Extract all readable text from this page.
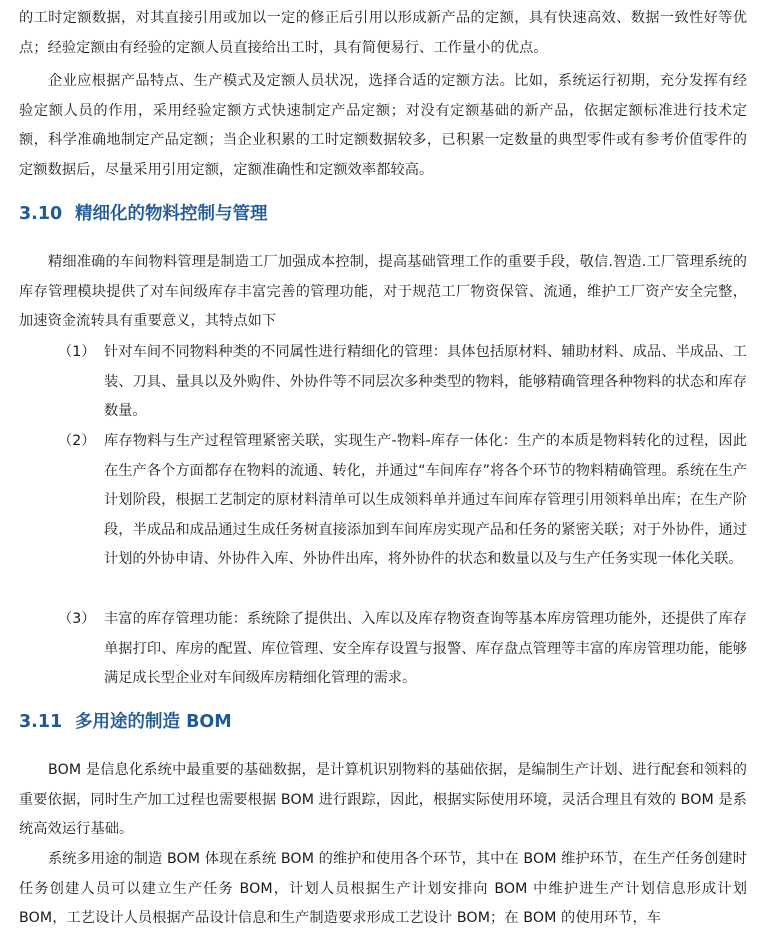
的工时定额数据，对其直接引用或加以一定的修正后引用以形成新产品的定额，具有快速高效、数据一致性好等优点；经验定额由有经验的定额人员直接给出工时，具有简便易行、工作量小的优点。

企业应根据产品特点、生产模式及定额人员状况，选择合适的定额方法。比如，系统运行初期，充分发挥有经验定额人员的作用，采用经验定额方式快速制定产品定额；对没有定额基础的新产品，依据定额标准进行技术定额，科学准确地制定产品定额；当企业积累的工时定额数据较多，已积累一定数量的典型零件或有参考价值零件的定额数据后，尽量采用引用定额，定额准确性和定额效率都较高。

3.10 精细化的物料控制与管理

精细准确的车间物料管理是制造工厂加强成本控制，提高基础管理工作的重要手段，敬信.智造.工厂管理系统的库存管理模块提供了对车间级库存丰富完善的管理功能，对于规范工厂物资保管、流通，维护工厂资产安全完整，加速资金流转具有重要意义，其特点如下

（1） 针对车间不同物料种类的不同属性进行精细化的管理：具体包括原材料、辅助材料、成品、半成品、工装、刀具、量具以及外购件、外协件等不同层次多种类型的物料，能够精确管理各种物料的状态和库存数量。

（2） 库存物料与生产过程管理紧密关联，实现生产-物料-库存一体化：生产的本质是物料转化的过程，因此在生产各个方面都存在物料的流通、转化，并通过“车间库存”将各个环节的物料精确管理。系统在生产计划阶段，根据工艺制定的原材料清单可以生成领料单并通过车间库存管理引用领料单出库；在生产阶段，半成品和成品通过生成任务树直接添加到车间库房实现产品和任务的紧密关联；对于外协件，通过计划的外协申请、外协件入库、外协件出库，将外协件的状态和数量以及与生产任务实现一体化关联。

（3） 丰富的库存管理功能：系统除了提供出、入库以及库存物资查询等基本库房管理功能外，还提供了库存单据打印、库房的配置、库位管理、安全库存设置与报警、库存盘点管理等丰富的库房管理功能，能够满足成长型企业对车间级库房精细化管理的需求。

3.11 多用途的制造 BOM

BOM 是信息化系统中最重要的基础数据，是计算机识别物料的基础依据，是编制生产计划、进行配套和领料的重要依据，同时生产加工过程也需要根据 BOM 进行跟踪，因此，根据实际使用环境，灵活合理且有效的 BOM 是系统高效运行基础。

系统多用途的制造 BOM 体现在系统 BOM 的维护和使用各个环节，其中在 BOM 维护环节，在生产任务创建时任务创建人员可以建立生产任务 BOM，计划人员根据生产计划安排向 BOM 中维护进生产计划信息形成计划 BOM，工艺设计人员根据产品设计信息和生产制造要求形成工艺设计 BOM；在 BOM 的使用环节，车
